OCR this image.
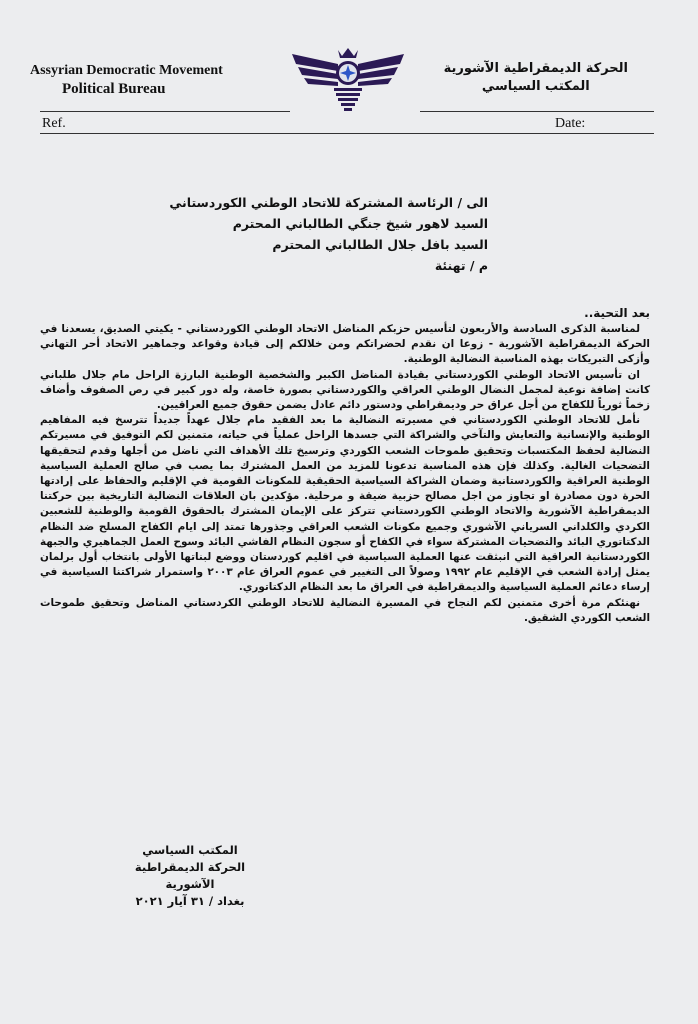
Assyrian Democratic Movement
Political Bureau
الحركة الديمقراطية الآشورية
المكتب السياسي
Ref.	Date:
الى / الرئاسة المشتركة للاتحاد الوطني الكوردستاني
السيد لاهور شيخ جنگي الطالباني المحترم
السيد بافل جلال الطالباني المحترم
م / تهنئة
بعد التحية..

لمناسبة الذكرى السادسة والأربعون لتأسيس حزبكم المناضل الاتحاد الوطني الكوردستاني - يكيتي الصديق، يسعدنا في الحركة الديمقراطية الآشورية - زوعا ان نقدم لحضراتكم ومن خلالكم إلى قيادة وقواعد وجماهير الاتحاد أحر التهاني وأزكى التبريكات بهذه المناسبة النضالية الوطنية.

ان تأسيس الاتحاد الوطني الكوردستاني بقيادة المناضل الكبير والشخصية الوطنية البارزة الراحل مام جلال طلباني كانت إضافة نوعية لمجمل النضال الوطني العراقي والكوردستاني بصورة خاصة، وله دور كبير في رص الصفوف وأضاف زخماً ثورياً للكفاح من أجل عراق حر وديمقراطي ودستور دائم عادل يضمن حقوق جميع العراقيين.

نأمل للاتحاد الوطني الكوردستاني في مسيرته النضالية ما بعد الفقيد مام جلال عهداً جديداً تترسخ فيه المفاهيم الوطنية والإنسانية والتعايش والتآخي والشراكة التي جسدها الراحل عملياً في حياته، متمنين لكم التوفيق في مسيرتكم النضالية لحفظ المكتسبات وتحقيق طموحات الشعب الكوردي وترسيخ تلك الأهداف التي ناضل من أجلها وقدم لتحقيقها التضحيات الغالية. وكذلك فإن هذه المناسبة تدعونا للمزيد من العمل المشترك بما يصب في صالح العملية السياسية الوطنية العراقية والكوردستانية وضمان الشراكة السياسية الحقيقية للمكونات القومية في الإقليم والحفاظ على إرادتها الحرة دون مصادرة او تجاوز من اجل مصالح حزبية ضيقة و مرحلية. مؤكدين بان العلاقات النضالية التاريخية بين حركتنا الديمقراطية الآشورية والاتحاد الوطني الكوردستاني تتركز على الإيمان المشترك بالحقوق القومية والوطنية للشعبين الكردي والكلداني السرياني الآشوري وجميع مكونات الشعب العراقي وجذورها تمتد إلى ايام الكفاح المسلح ضد النظام الدكتاتوري البائد والتضحيات المشتركة سواء في الكفاح أو سجون النظام الفاشي البائد وسوح العمل الجماهيري والجبهة الكوردستانية العراقية التي انبثقت عنها العملية السياسية في اقليم كوردستان ووضع لبناتها الأولى بانتخاب أول برلمان يمثل إرادة الشعب في الإقليم عام ١٩٩٢ وصولاً الى التغيير في عموم العراق عام ٢٠٠٣ واستمرار شراكتنا السياسية في إرساء دعائم العملية السياسية والديمقراطية في العراق ما بعد النظام الدكتاتوري.

نهنئكم مرة أخرى متمنين لكم النجاح في المسيرة النضالية للاتحاد الوطني الكردستاني المناضل وتحقيق طموحات الشعب الكوردي الشقيق.

المكتب السياسي
الحركة الديمقراطية الآشورية
بغداد / ٣١ آيار ٢٠٢١
